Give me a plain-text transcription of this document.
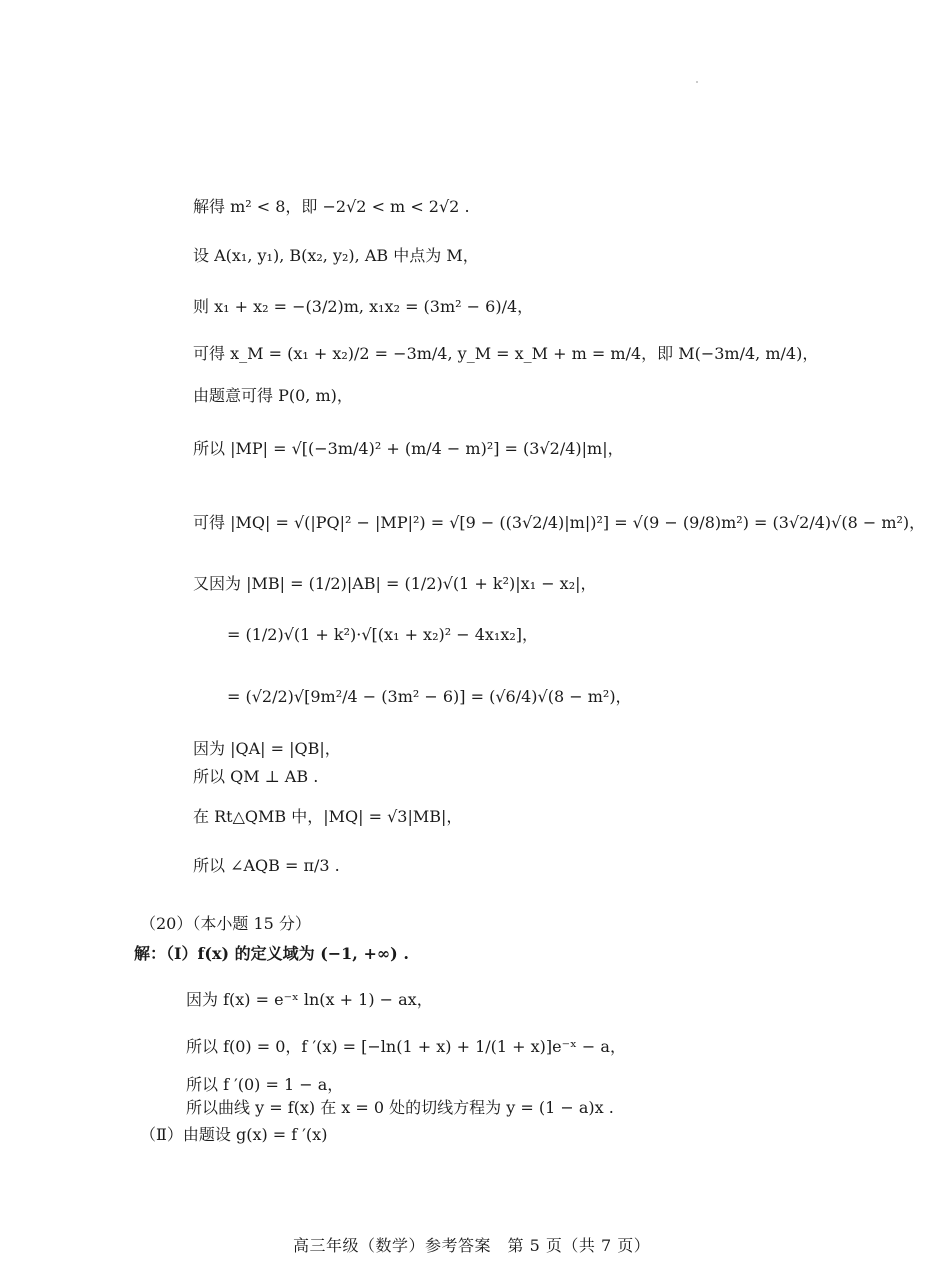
解得 m² < 8，即 −2√2 < m < 2√2 .
设 A(x₁, y₁), B(x₂, y₂), AB 中点为 M，
则 x₁ + x₂ = −(3/2)m, x₁x₂ = (3m² − 6)/4，
可得 x_M = (x₁ + x₂)/2 = −3m/4, y_M = x_M + m = m/4，即 M(−3m/4, m/4)，
由题意可得 P(0, m)，
所以 |MP| = √[(−3m/4)² + (m/4 − m)²] = (3√2/4)|m|，
可得 |MQ| = √(|PQ|² − |MP|²) = √[9 − ((3√2/4)|m|)²] = √(9 − (9/8)m²) = (3√2/4)√(8 − m²)，
又因为 |MB| = (1/2)|AB| = (1/2)√(1 + k²)|x₁ − x₂|，
= (1/2)√(1 + k²)·√[(x₁ + x₂)² − 4x₁x₂]，
= (√2/2)√[9m²/4 − (3m² − 6)] = (√6/4)√(8 − m²)，
因为 |QA| = |QB|，
所以 QM ⊥ AB .
在 Rt△QMB 中，|MQ| = √3|MB|，
所以 ∠AQB = π/3 .
（20）（本小题 15 分）
解：（Ⅰ）f(x) 的定义域为 (−1, +∞) .
因为 f(x) = e⁻ˣ ln(x + 1) − ax，
所以 f(0) = 0，f ′(x) = [−ln(1 + x) + 1/(1 + x)]e⁻ˣ − a，
所以 f ′(0) = 1 − a，
所以曲线 y = f(x) 在 x = 0 处的切线方程为 y = (1 − a)x .
（Ⅱ）由题设 g(x) = f ′(x)
高三年级（数学）参考答案　第 5 页（共 7 页）
